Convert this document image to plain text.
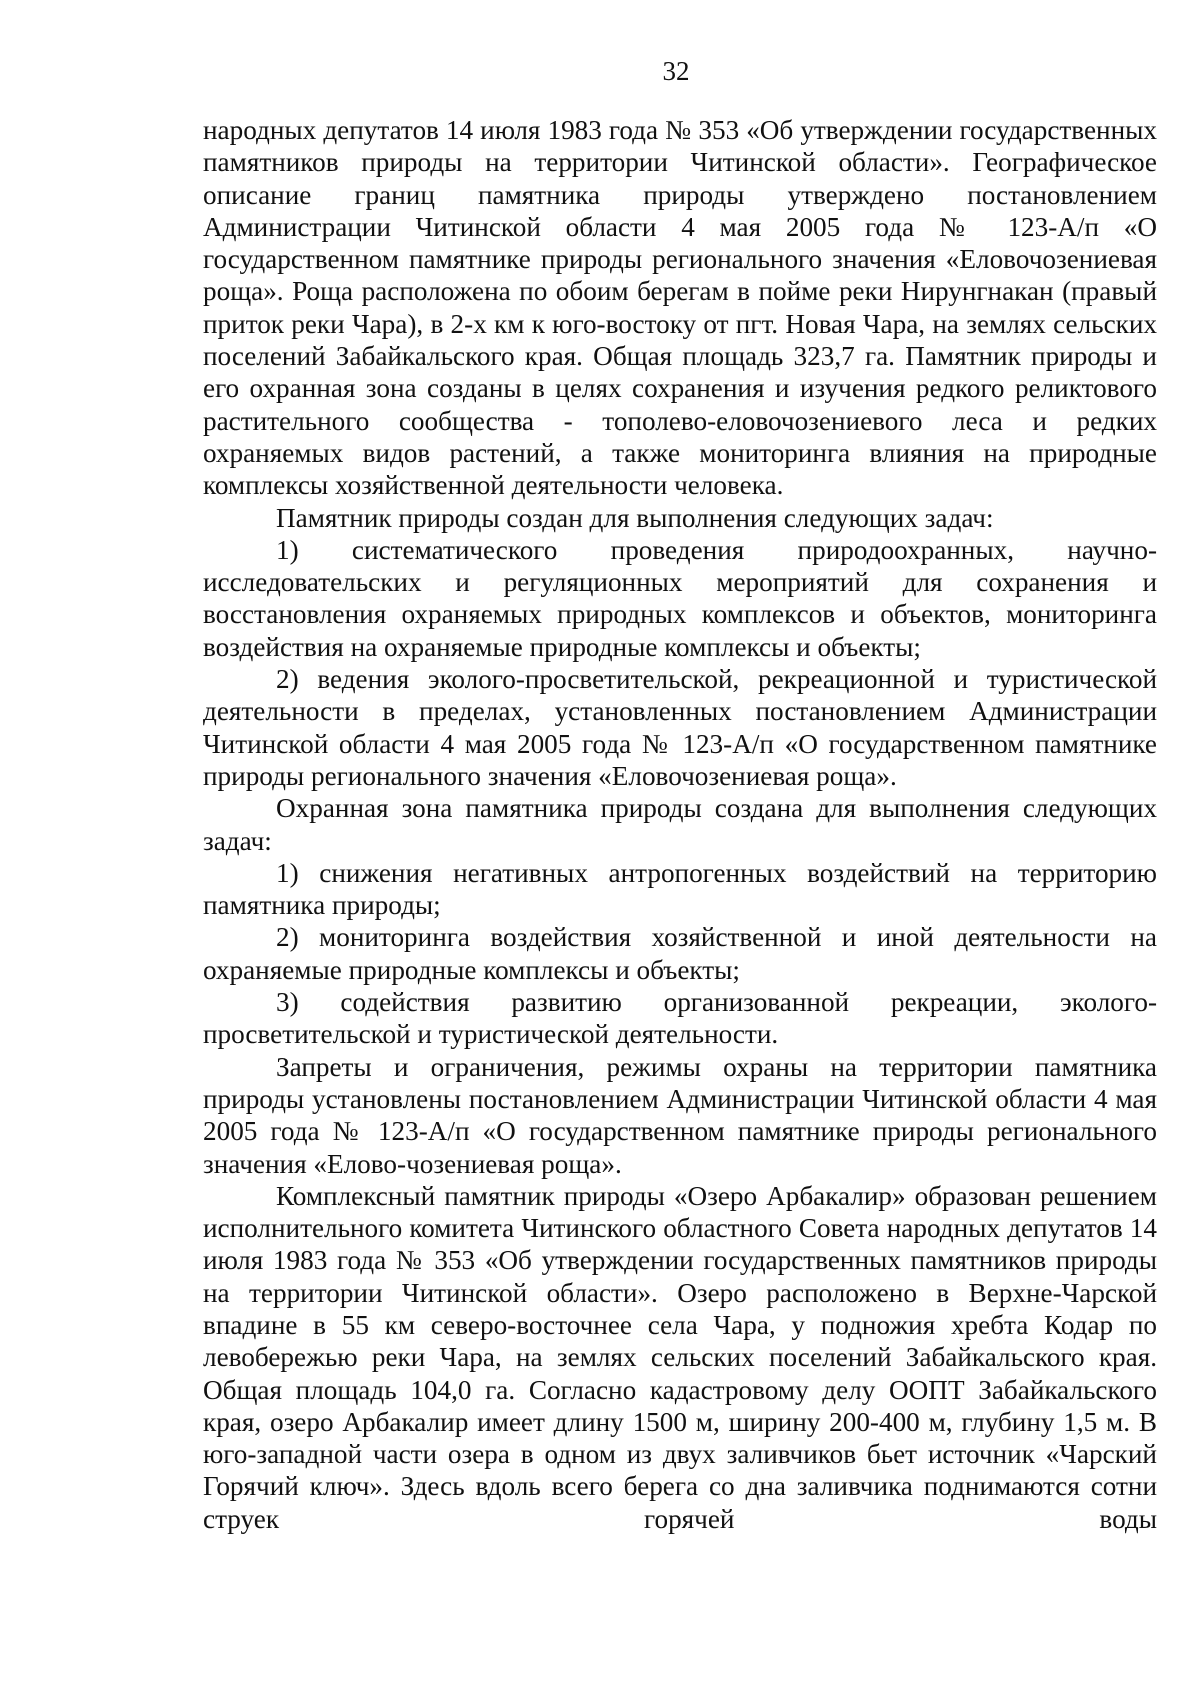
32

народных депутатов 14 июля 1983 года № 353 «Об утверждении государственных памятников природы на территории Читинской области». Географическое описание границ памятника природы утверждено постановлением Администрации Читинской области 4 мая 2005 года № 123-А/п «О государственном памятнике природы регионального значения «Еловочозениевая роща». Роща расположена по обоим берегам в пойме реки Нирунгнакан (правый приток реки Чара), в 2-х км к юго-востоку от пгт. Новая Чара, на землях сельских поселений Забайкальского края. Общая площадь 323,7 га. Памятник природы и его охранная зона созданы в целях сохранения и изучения редкого реликтового растительного сообщества - тополево-еловочозениевого леса и редких охраняемых видов растений, а также мониторинга влияния на природные комплексы хозяйственной деятельности человека.

Памятник природы создан для выполнения следующих задач:

1) систематического проведения природоохранных, научно-исследовательских и регуляционных мероприятий для сохранения и восстановления охраняемых природных комплексов и объектов, мониторинга воздействия на охраняемые природные комплексы и объекты;

2) ведения эколого-просветительской, рекреационной и туристической деятельности в пределах, установленных постановлением Администрации Читинской области 4 мая 2005 года № 123-А/п «О государственном памятнике природы регионального значения «Еловочозениевая роща».

Охранная зона памятника природы создана для выполнения следующих задач:

1) снижения негативных антропогенных воздействий на территорию памятника природы;

2) мониторинга воздействия хозяйственной и иной деятельности на охраняемые природные комплексы и объекты;

3) содействия развитию организованной рекреации, эколого-просветительской и туристической деятельности.

Запреты и ограничения, режимы охраны на территории памятника природы установлены постановлением Администрации Читинской области 4 мая 2005 года № 123-А/п «О государственном памятнике природы регионального значения «Елово-чозениевая роща».

Комплексный памятник природы «Озеро Арбакалир» образован решением исполнительного комитета Читинского областного Совета народных депутатов 14 июля 1983 года № 353 «Об утверждении государственных памятников природы на территории Читинской области». Озеро расположено в Верхне-Чарской впадине в 55 км северо-восточнее села Чара, у подножия хребта Кодар по левобережью реки Чара, на землях сельских поселений Забайкальского края. Общая площадь 104,0 га. Согласно кадастровому делу ООПТ Забайкальского края, озеро Арбакалир имеет длину 1500 м, ширину 200-400 м, глубину 1,5 м. В юго-западной части озера в одном из двух заливчиков бьет источник «Чарский Горячий ключ». Здесь вдоль всего берега со дна заливчика поднимаются сотни струек горячей воды
